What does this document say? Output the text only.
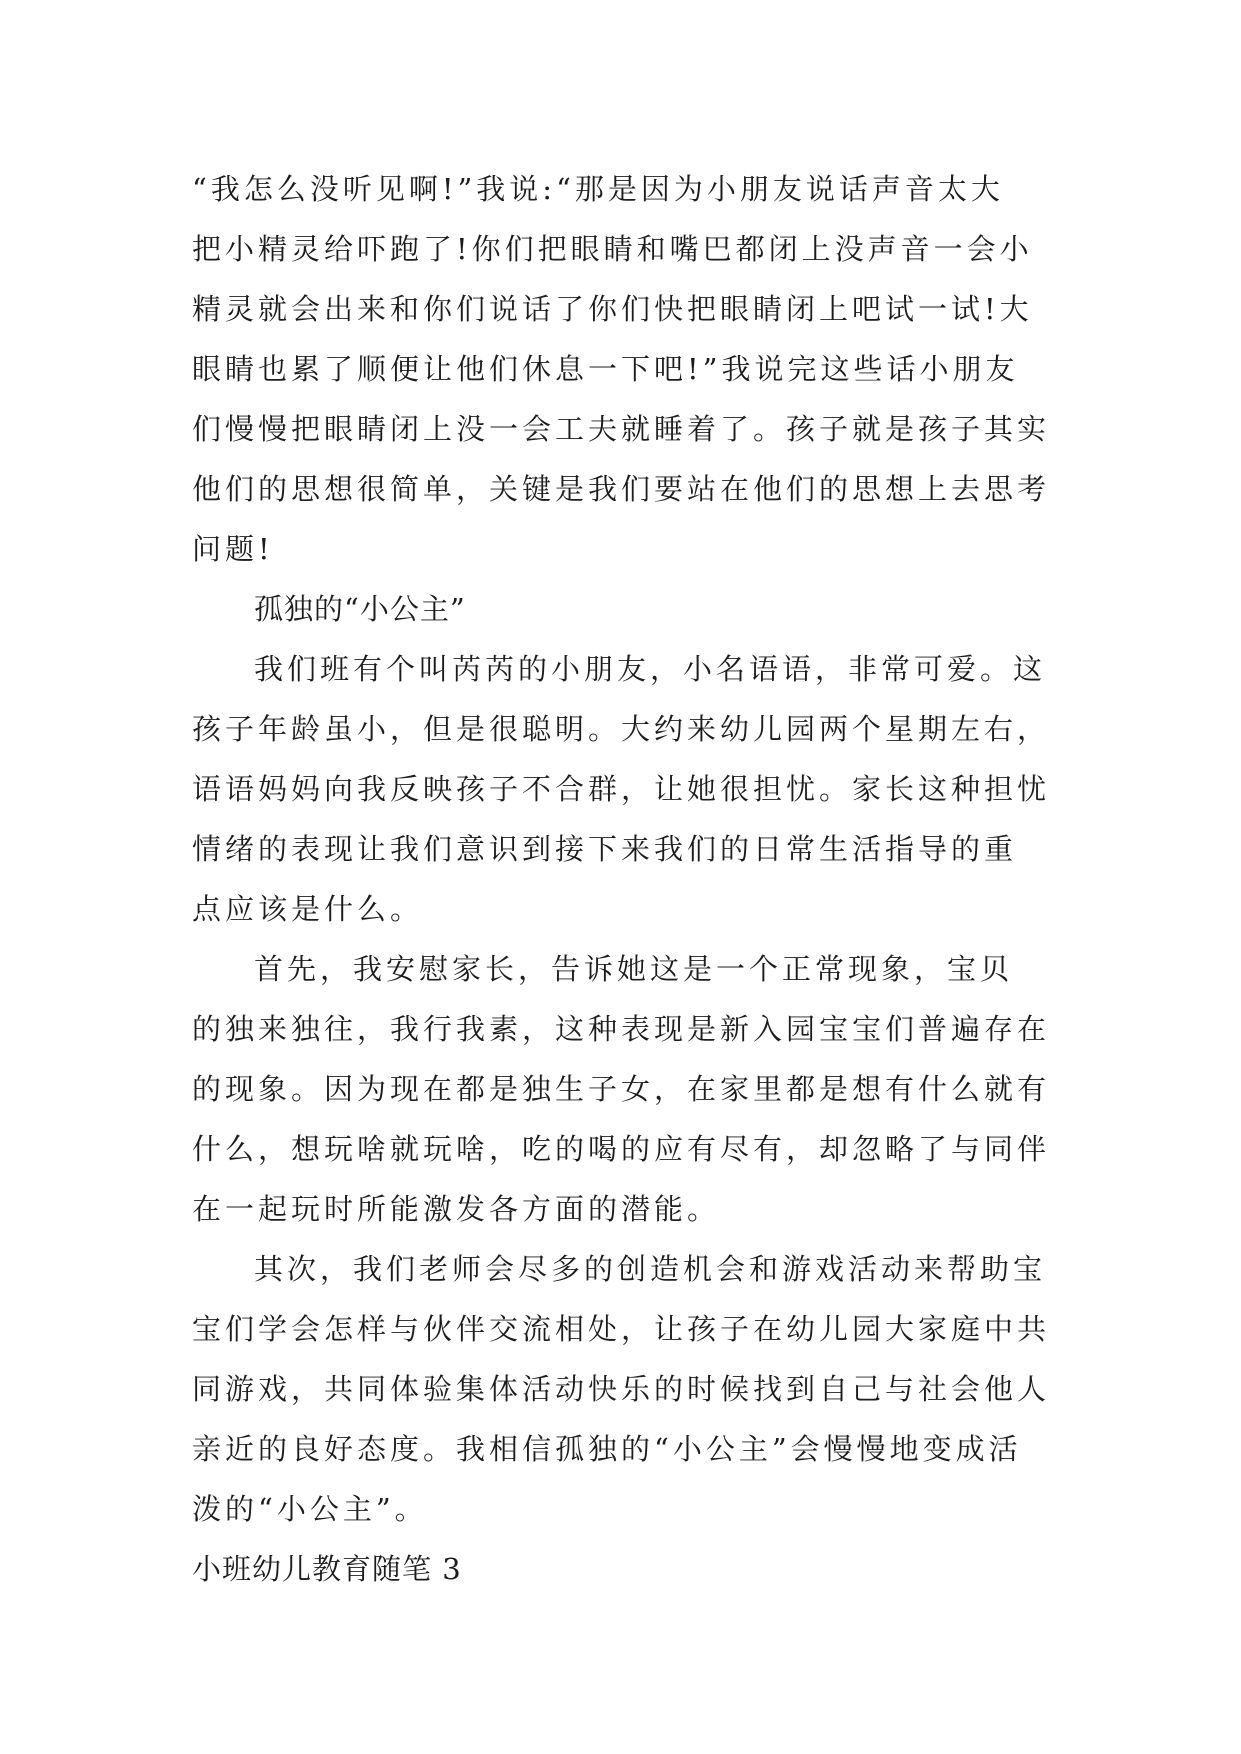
“我怎么没听见啊!”我说:“那是因为小朋友说话声音太大
把小精灵给吓跑了!你们把眼睛和嘴巴都闭上没声音一会小
精灵就会出来和你们说话了你们快把眼睛闭上吧试一试!大
眼睛也累了顺便让他们休息一下吧!”我说完这些话小朋友
们慢慢把眼睛闭上没一会工夫就睡着了。孩子就是孩子其实
他们的思想很简单，关键是我们要站在他们的思想上去思考
问题!
孤独的“小公主”
我们班有个叫芮芮的小朋友，小名语语，非常可爱。这
孩子年龄虽小，但是很聪明。大约来幼儿园两个星期左右，
语语妈妈向我反映孩子不合群，让她很担忧。家长这种担忧
情绪的表现让我们意识到接下来我们的日常生活指导的重
点应该是什么。
首先，我安慰家长，告诉她这是一个正常现象，宝贝
的独来独往，我行我素，这种表现是新入园宝宝们普遍存在
的现象。因为现在都是独生子女，在家里都是想有什么就有
什么，想玩啥就玩啥，吃的喝的应有尽有，却忽略了与同伴
在一起玩时所能激发各方面的潜能。
其次，我们老师会尽多的创造机会和游戏活动来帮助宝
宝们学会怎样与伙伴交流相处，让孩子在幼儿园大家庭中共
同游戏，共同体验集体活动快乐的时候找到自己与社会他人
亲近的良好态度。我相信孤独的“小公主”会慢慢地变成活
泼的“小公主”。
小班幼儿教育随笔 3
